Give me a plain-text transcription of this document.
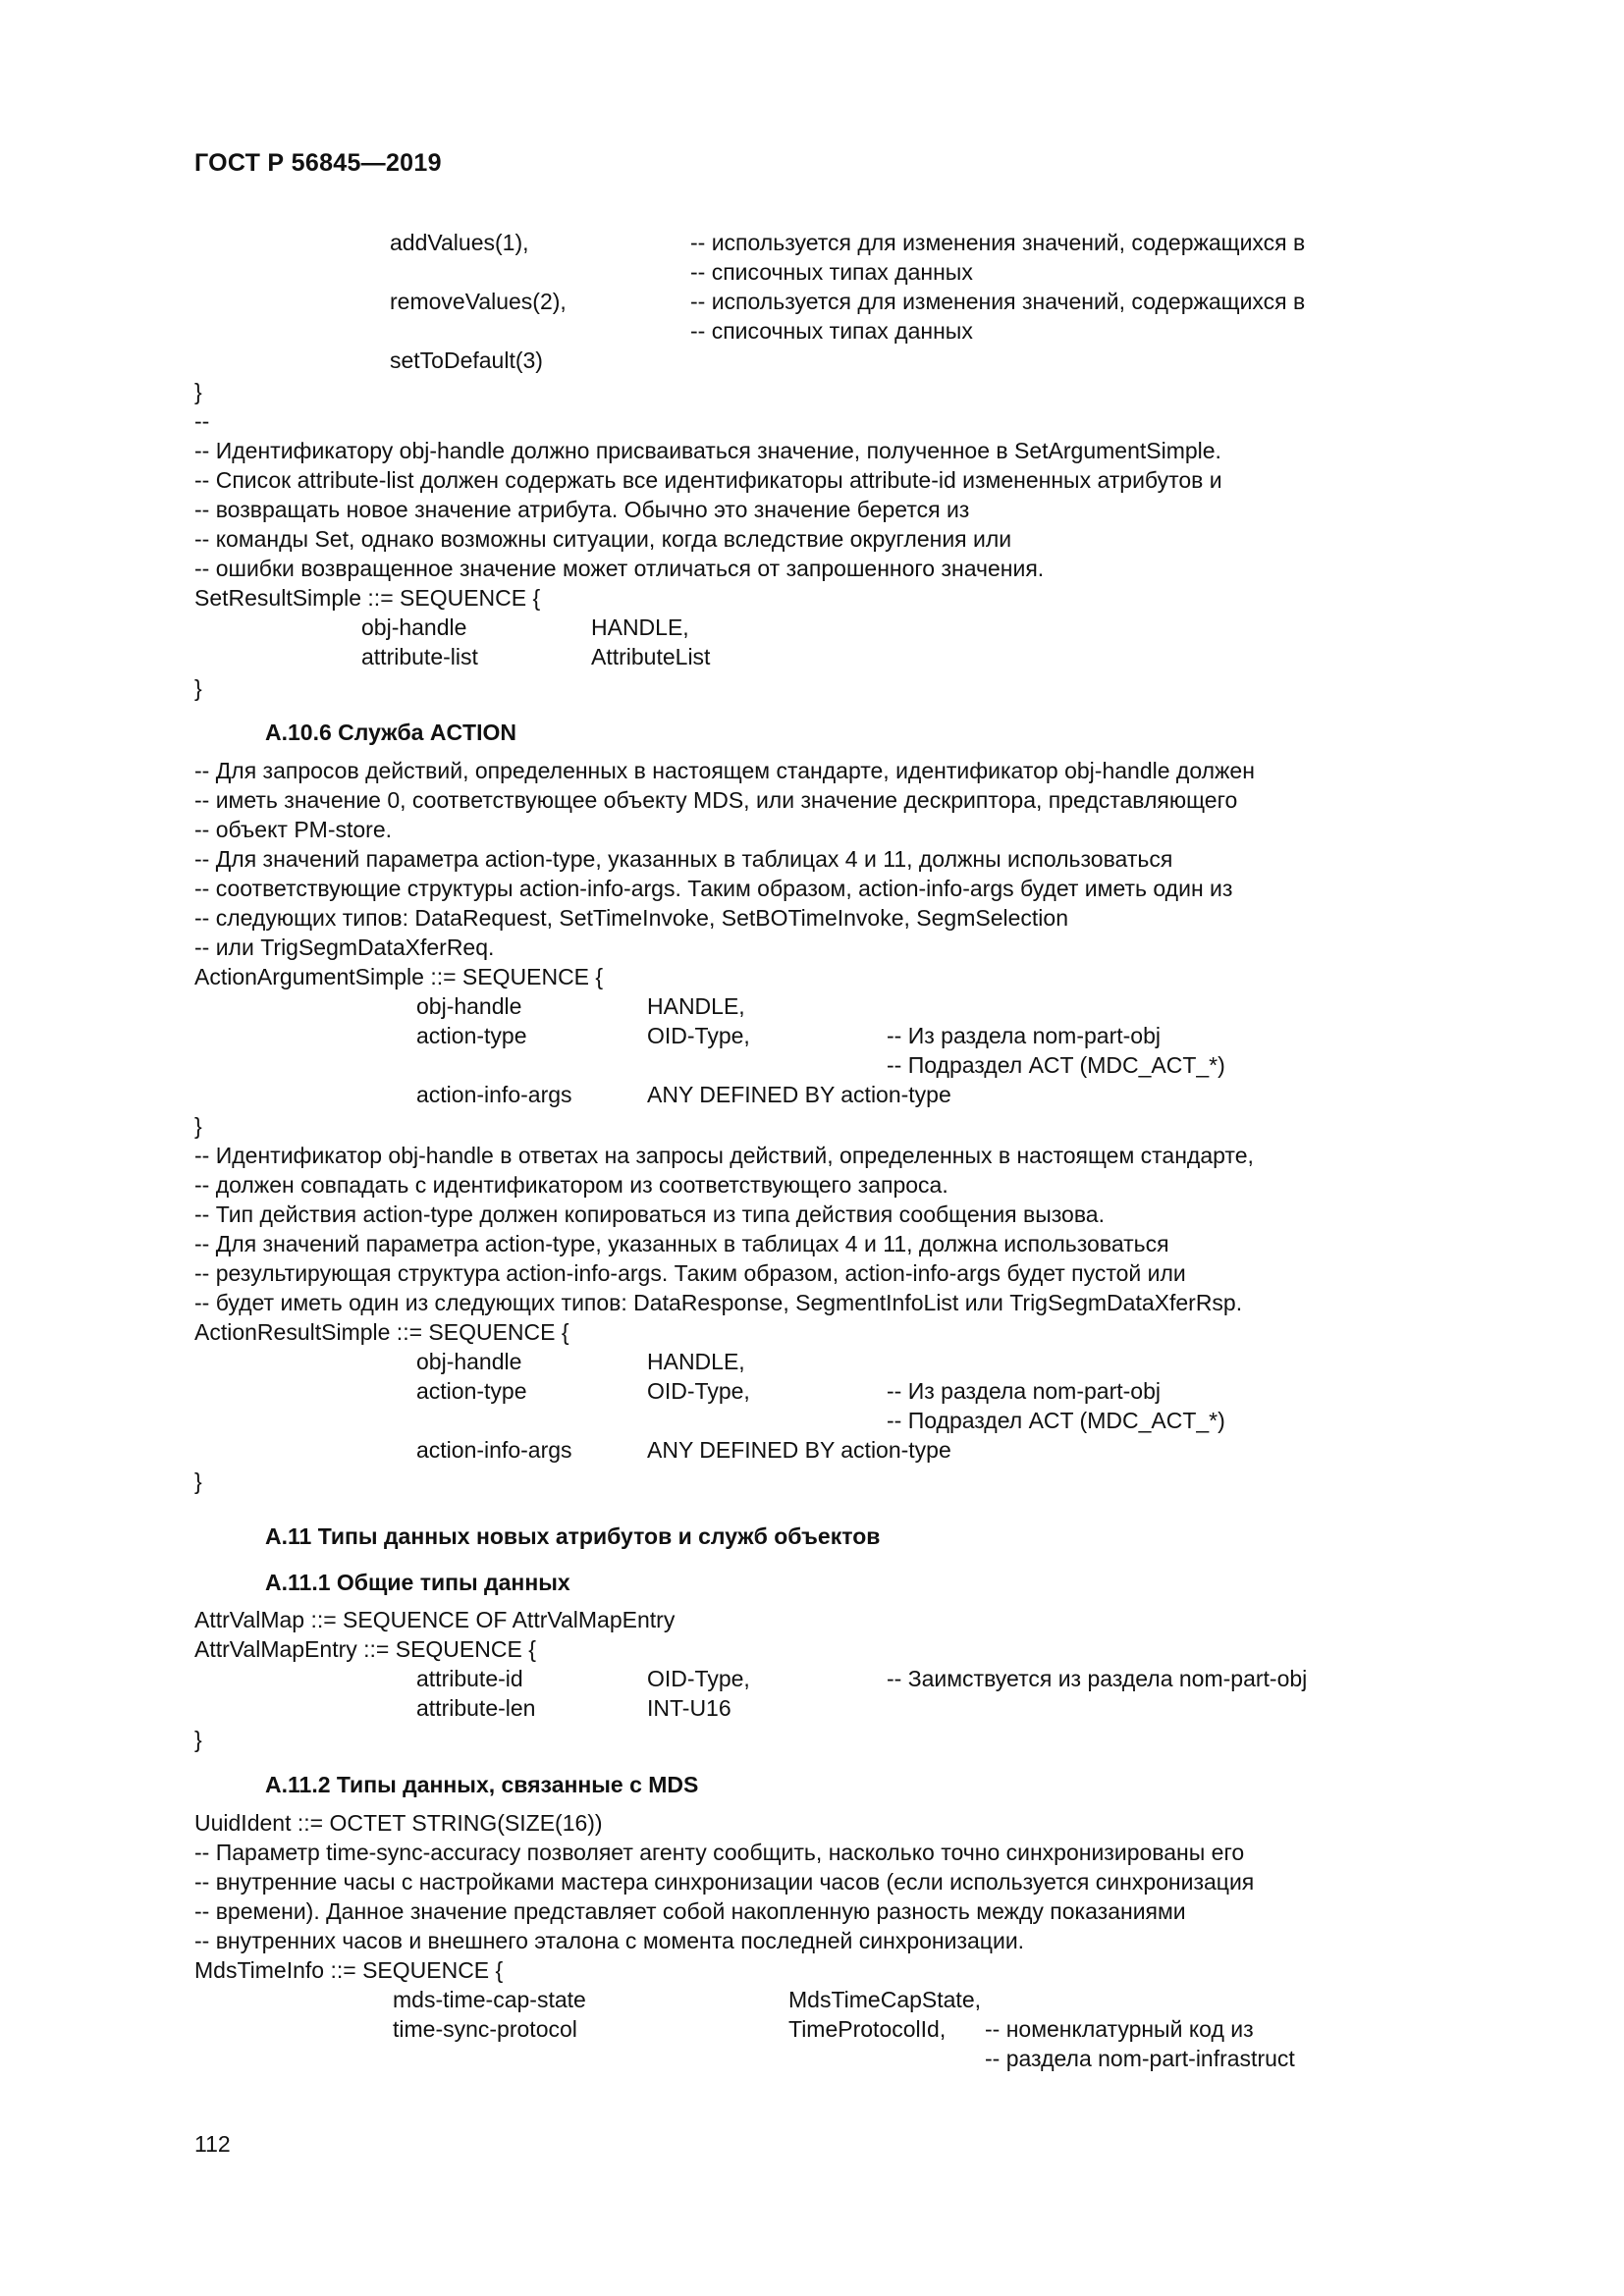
ГОСТ Р 56845—2019
addValues(1),	-- используется для изменения значений, содержащихся в
-- списочных типах данных
removeValues(2),	-- используется для изменения значений, содержащихся в
-- списочных типах данных
setToDefault(3)
}
--
-- Идентификатору obj-handle должно присваиваться значение, полученное в SetArgumentSimple.
-- Список attribute-list должен содержать все идентификаторы attribute-id измененных атрибутов и
-- возвращать новое значение атрибута. Обычно это значение берется из
-- команды Set, однако возможны ситуации, когда вследствие округления или
-- ошибки возвращенное значение может отличаться от запрошенного значения.
SetResultSimple ::= SEQUENCE {
obj-handle	HANDLE,
attribute-list	AttributeList
}
A.10.6 Служба ACTION
-- Для запросов действий, определенных в настоящем стандарте, идентификатор obj-handle должен
-- иметь значение 0, соответствующее объекту MDS, или значение дескриптора, представляющего
-- объект PM-store.
-- Для значений параметра action-type, указанных в таблицах 4 и 11, должны использоваться
-- соответствующие структуры action-info-args. Таким образом, action-info-args будет иметь один из
-- следующих типов: DataRequest, SetTimeInvoke, SetBOTimeInvoke, SegmSelection
-- или TrigSegmDataXferReq.
ActionArgumentSimple ::= SEQUENCE {
obj-handle	HANDLE,
action-type	OID-Type,	-- Из раздела nom-part-obj
-- Подраздел ACT (MDC_ACT_*)
action-info-args	ANY DEFINED BY action-type
}
-- Идентификатор obj-handle в ответах на запросы действий, определенных в настоящем стандарте,
-- должен совпадать с идентификатором из соответствующего запроса.
-- Тип действия action-type должен копироваться из типа действия сообщения вызова.
-- Для значений параметра action-type, указанных в таблицах 4 и 11, должна использоваться
-- результирующая структура action-info-args. Таким образом, action-info-args будет пустой или
-- будет иметь один из следующих типов: DataResponse, SegmentInfoList или TrigSegmDataXferRsp.
ActionResultSimple ::= SEQUENCE {
obj-handle	HANDLE,
action-type	OID-Type,	-- Из раздела nom-part-obj
-- Подраздел ACT (MDC_ACT_*)
action-info-args	ANY DEFINED BY action-type
}
A.11 Типы данных новых атрибутов и служб объектов
A.11.1 Общие типы данных
AttrValMap ::= SEQUENCE OF AttrValMapEntry
AttrValMapEntry ::= SEQUENCE {
attribute-id	OID-Type,	-- Заимствуется из раздела nom-part-obj
attribute-len	INT-U16
}
A.11.2 Типы данных, связанные с MDS
UuidIdent ::= OCTET STRING(SIZE(16))
-- Параметр time-sync-accuracy позволяет агенту сообщить, насколько точно синхронизированы его
-- внутренние часы с настройками мастера синхронизации часов (если используется синхронизация
-- времени). Данное значение представляет собой накопленную разность между показаниями
-- внутренних часов и внешнего эталона с момента последней синхронизации.
MdsTimeInfo ::= SEQUENCE {
mds-time-cap-state	MdsTimeCapState,
time-sync-protocol	TimeProtocolId, -- номенклатурный код из
-- раздела nom-part-infrastruct
112
